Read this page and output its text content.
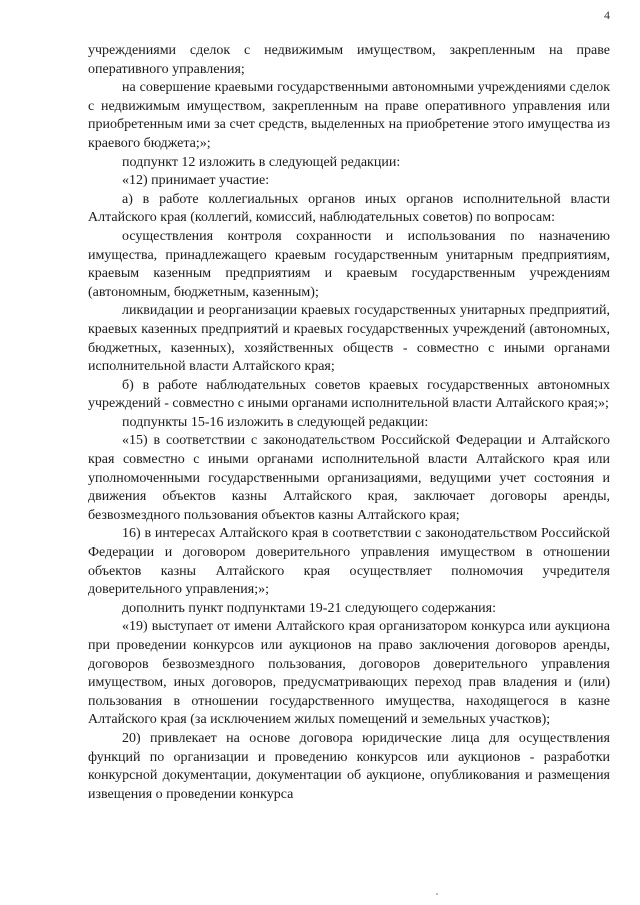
4

учреждениями сделок с недвижимым имуществом, закрепленным на праве оперативного управления;

на совершение краевыми государственными автономными учреждениями сделок с недвижимым имуществом, закрепленным на праве оперативного управления или приобретенным ими за счет средств, выделенных на приобретение этого имущества из краевого бюджета;»;

подпункт 12 изложить в следующей редакции:

«12) принимает участие:

а) в работе коллегиальных органов иных органов исполнительной власти Алтайского края (коллегий, комиссий, наблюдательных советов) по вопросам:

осуществления контроля сохранности и использования по назначению имущества, принадлежащего краевым государственным унитарным предприятиям, краевым казенным предприятиям и краевым государственным учреждениям (автономным, бюджетным, казенным);

ликвидации и реорганизации краевых государственных унитарных предприятий, краевых казенных предприятий и краевых государственных учреждений (автономных, бюджетных, казенных), хозяйственных обществ - совместно с иными органами исполнительной власти Алтайского края;

б) в работе наблюдательных советов краевых государственных автономных учреждений - совместно с иными органами исполнительной власти Алтайского края;»;

подпункты 15-16 изложить в следующей редакции:

«15) в соответствии с законодательством Российской Федерации и Алтайского края совместно с иными органами исполнительной власти Алтайского края или уполномоченными государственными организациями, ведущими учет состояния и движения объектов казны Алтайского края, заключает договоры аренды, безвозмездного пользования объектов казны Алтайского края;

16) в интересах Алтайского края в соответствии с законодательством Российской Федерации и договором доверительного управления имуществом в отношении объектов казны Алтайского края осуществляет полномочия учредителя доверительного управления;»;

дополнить пункт подпунктами 19-21 следующего содержания:

«19) выступает от имени Алтайского края организатором конкурса или аукциона при проведении конкурсов или аукционов на право заключения договоров аренды, договоров безвозмездного пользования, договоров доверительного управления имуществом, иных договоров, предусматривающих переход прав владения и (или) пользования в отношении государственного имущества, находящегося в казне Алтайского края (за исключением жилых помещений и земельных участков);

20) привлекает на основе договора юридические лица для осуществления функций по организации и проведению конкурсов или аукционов - разработки конкурсной документации, документации об аукционе, опубликования и размещения извещения о проведении конкурса
